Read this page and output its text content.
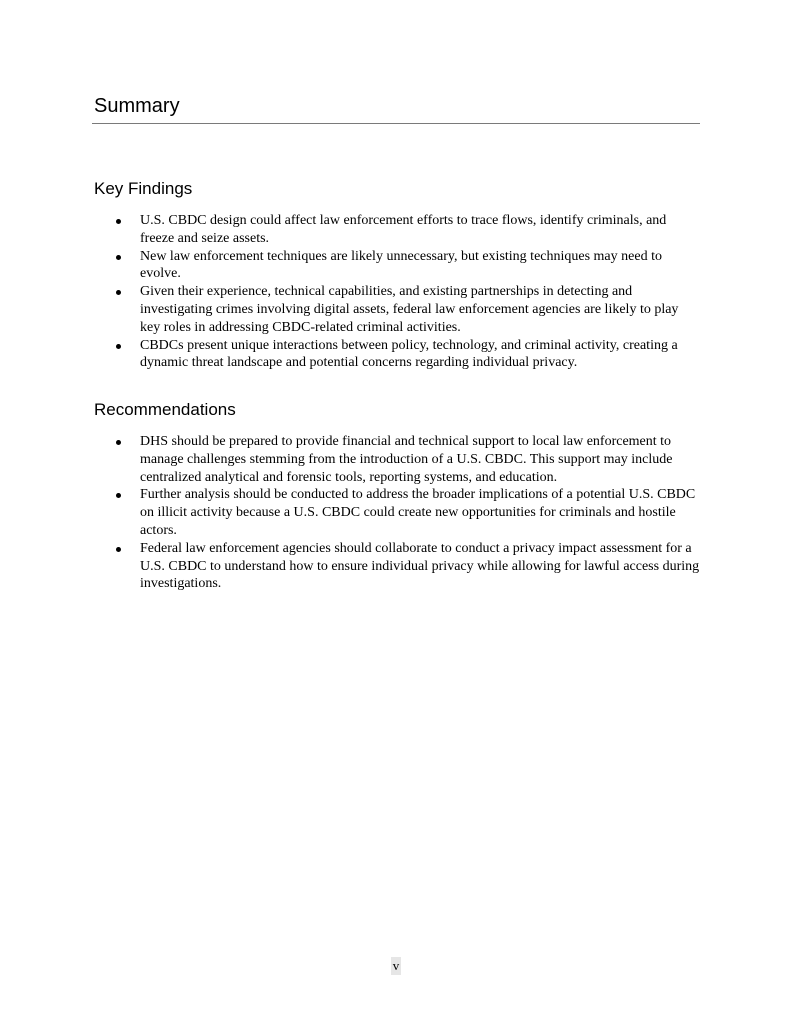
Summary
Key Findings
U.S. CBDC design could affect law enforcement efforts to trace flows, identify criminals, and freeze and seize assets.
New law enforcement techniques are likely unnecessary, but existing techniques may need to evolve.
Given their experience, technical capabilities, and existing partnerships in detecting and investigating crimes involving digital assets, federal law enforcement agencies are likely to play key roles in addressing CBDC-related criminal activities.
CBDCs present unique interactions between policy, technology, and criminal activity, creating a dynamic threat landscape and potential concerns regarding individual privacy.
Recommendations
DHS should be prepared to provide financial and technical support to local law enforcement to manage challenges stemming from the introduction of a U.S. CBDC. This support may include centralized analytical and forensic tools, reporting systems, and education.
Further analysis should be conducted to address the broader implications of a potential U.S. CBDC on illicit activity because a U.S. CBDC could create new opportunities for criminals and hostile actors.
Federal law enforcement agencies should collaborate to conduct a privacy impact assessment for a U.S. CBDC to understand how to ensure individual privacy while allowing for lawful access during investigations.
v
